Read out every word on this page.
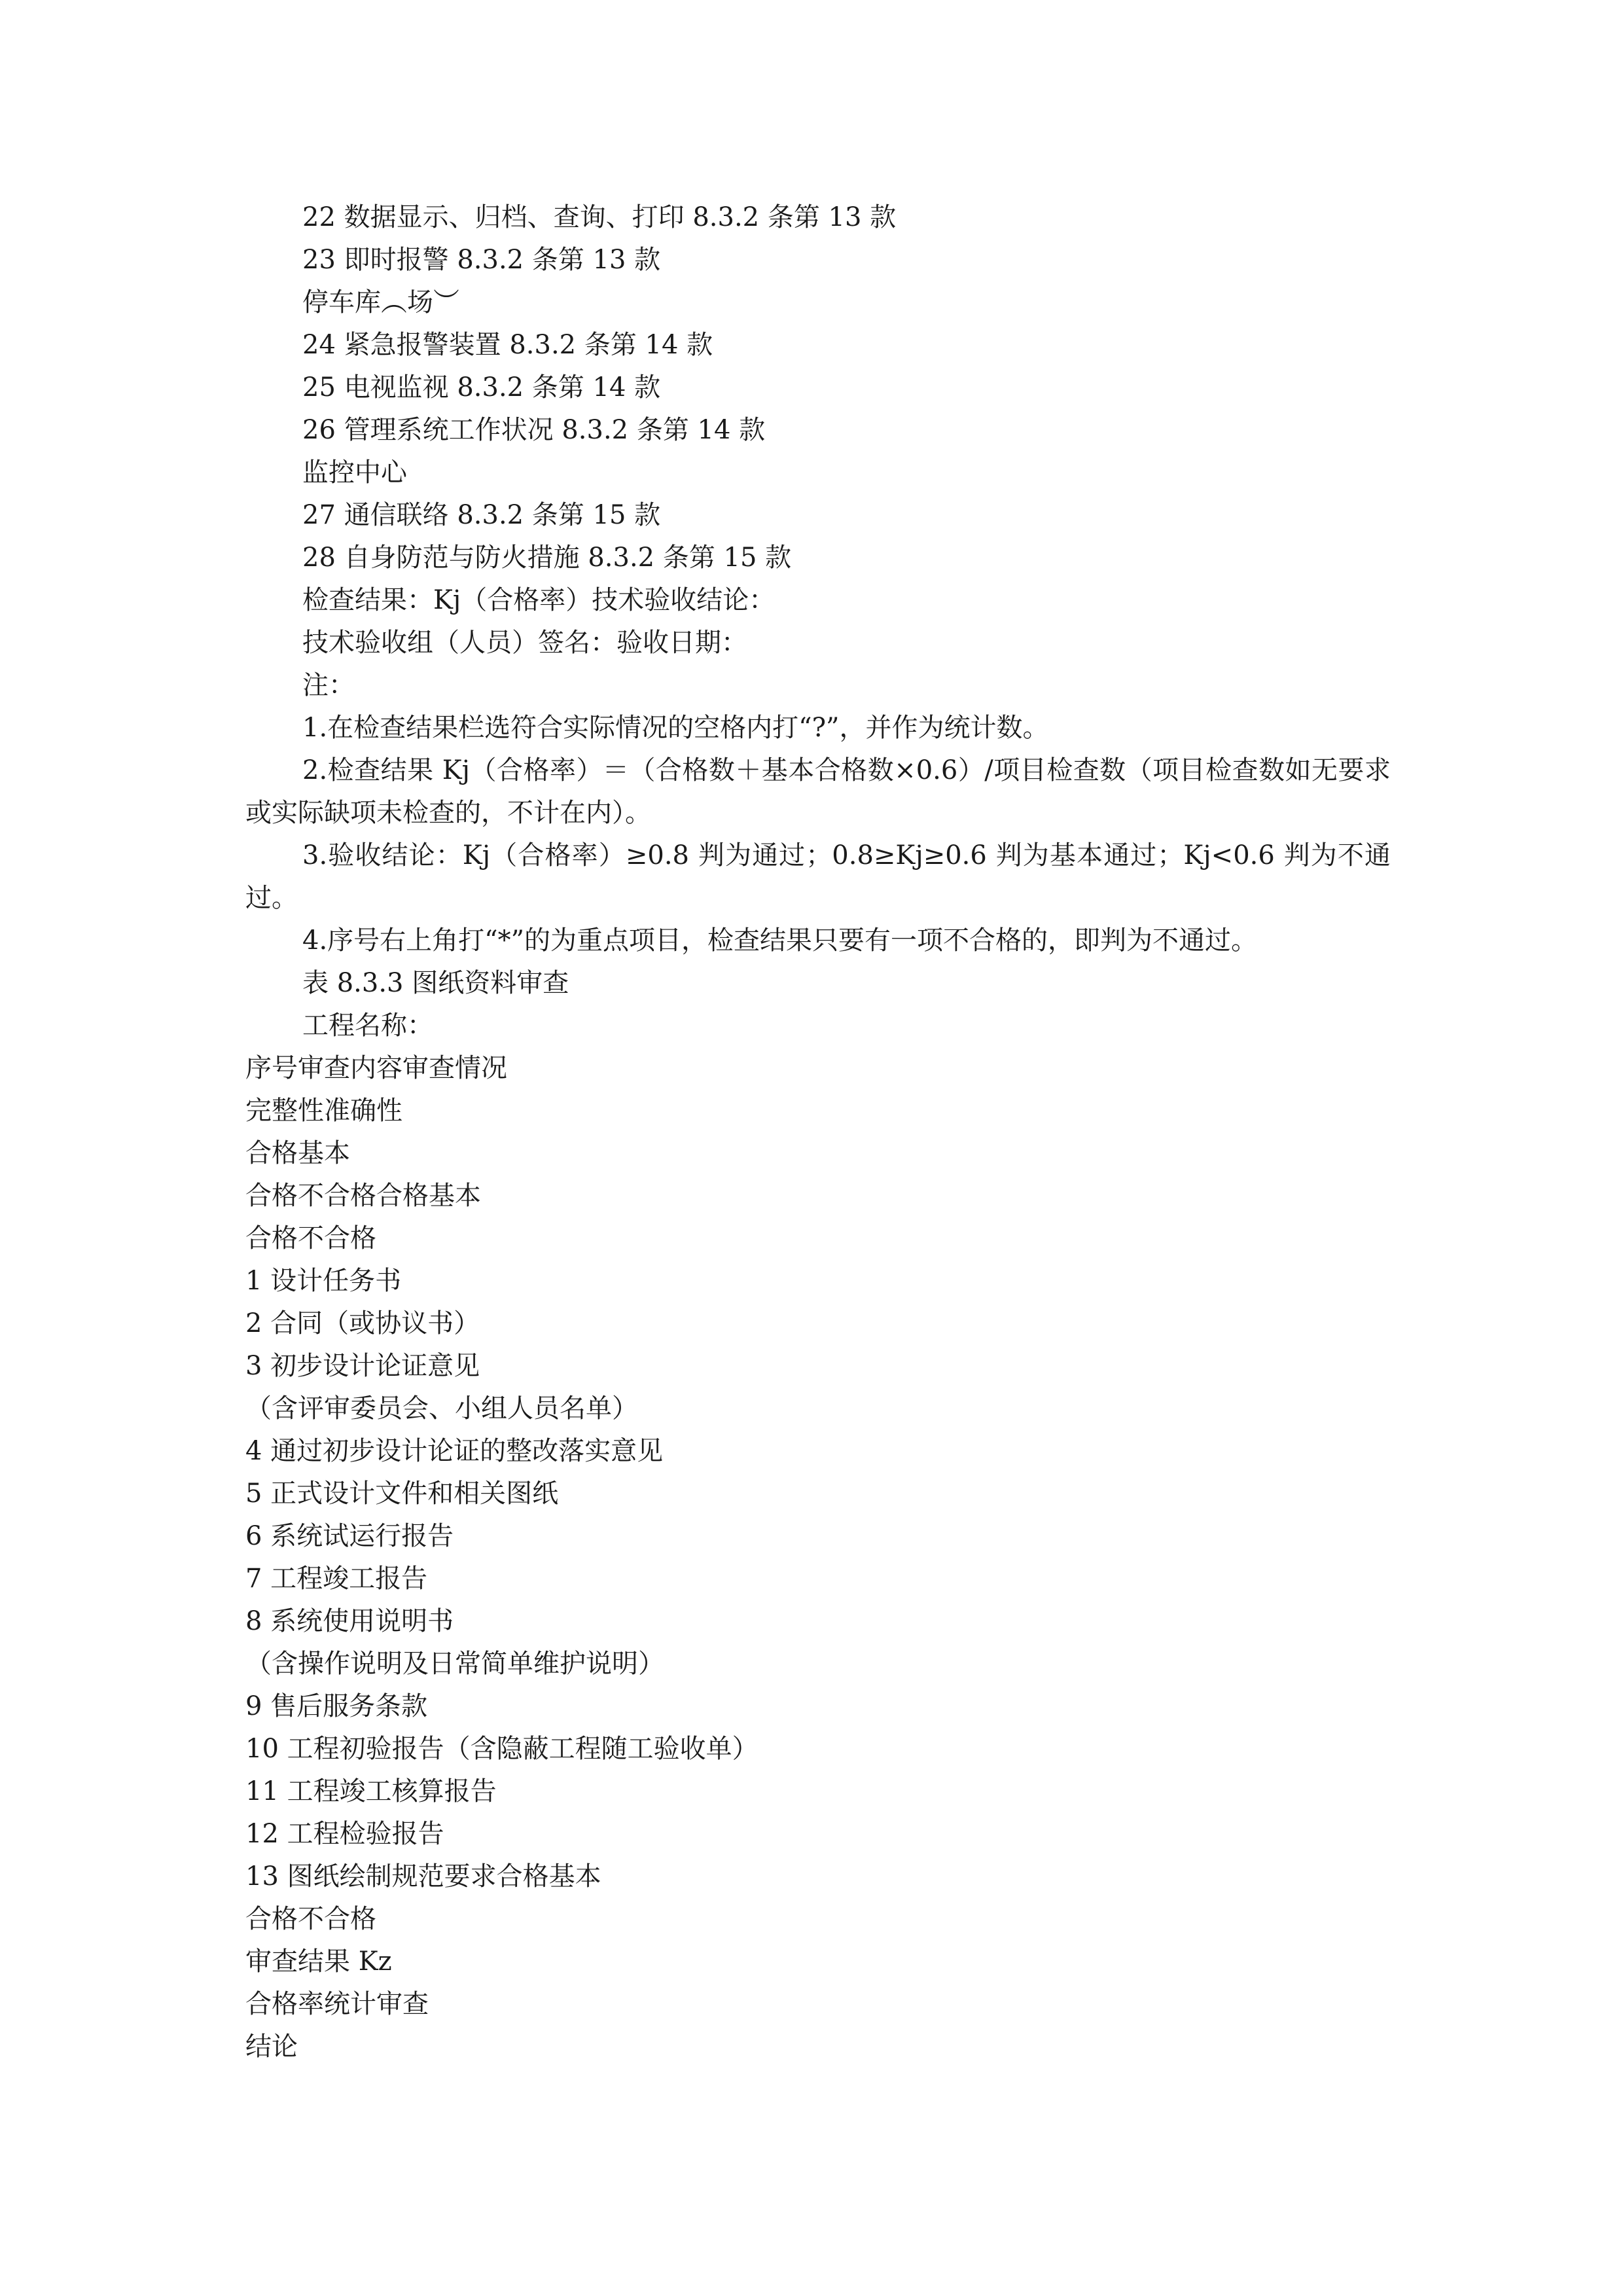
22 数据显示、归档、查询、打印 8.3.2 条第 13 款

23 即时报警 8.3.2 条第 13 款

停车库︵场︶

24 紧急报警装置 8.3.2 条第 14 款

25 电视监视 8.3.2 条第 14 款

26 管理系统工作状况 8.3.2 条第 14 款

监控中心

27 通信联络 8.3.2 条第 15 款

28 自身防范与防火措施 8.3.2 条第 15 款

检查结果：Kj（合格率）技术验收结论：

技术验收组（人员）签名：验收日期：

注：

1.在检查结果栏选符合实际情况的空格内打“?”，并作为统计数。

2.检查结果 Kj（合格率）＝（合格数＋基本合格数×0.6）/项目检查数（项目检查数如无要求或实际缺项未检查的，不计在内）。

3.验收结论：Kj（合格率）≥0.8 判为通过；0.8≥Kj≥0.6 判为基本通过；Kj<0.6 判为不通过。

4.序号右上角打“*”的为重点项目，检查结果只要有一项不合格的，即判为不通过。

表 8.3.3 图纸资料审查

工程名称：

序号审查内容审查情况

完整性准确性

合格基本

合格不合格合格基本

合格不合格

1 设计任务书

2 合同（或协议书）

3 初步设计论证意见

（含评审委员会、小组人员名单）

4 通过初步设计论证的整改落实意见

5 正式设计文件和相关图纸

6 系统试运行报告

7 工程竣工报告

8 系统使用说明书

（含操作说明及日常简单维护说明）

9 售后服务条款

10 工程初验报告（含隐蔽工程随工验收单）

11 工程竣工核算报告

12 工程检验报告

13 图纸绘制规范要求合格基本

合格不合格

审查结果 Kz

合格率统计审查

结论
